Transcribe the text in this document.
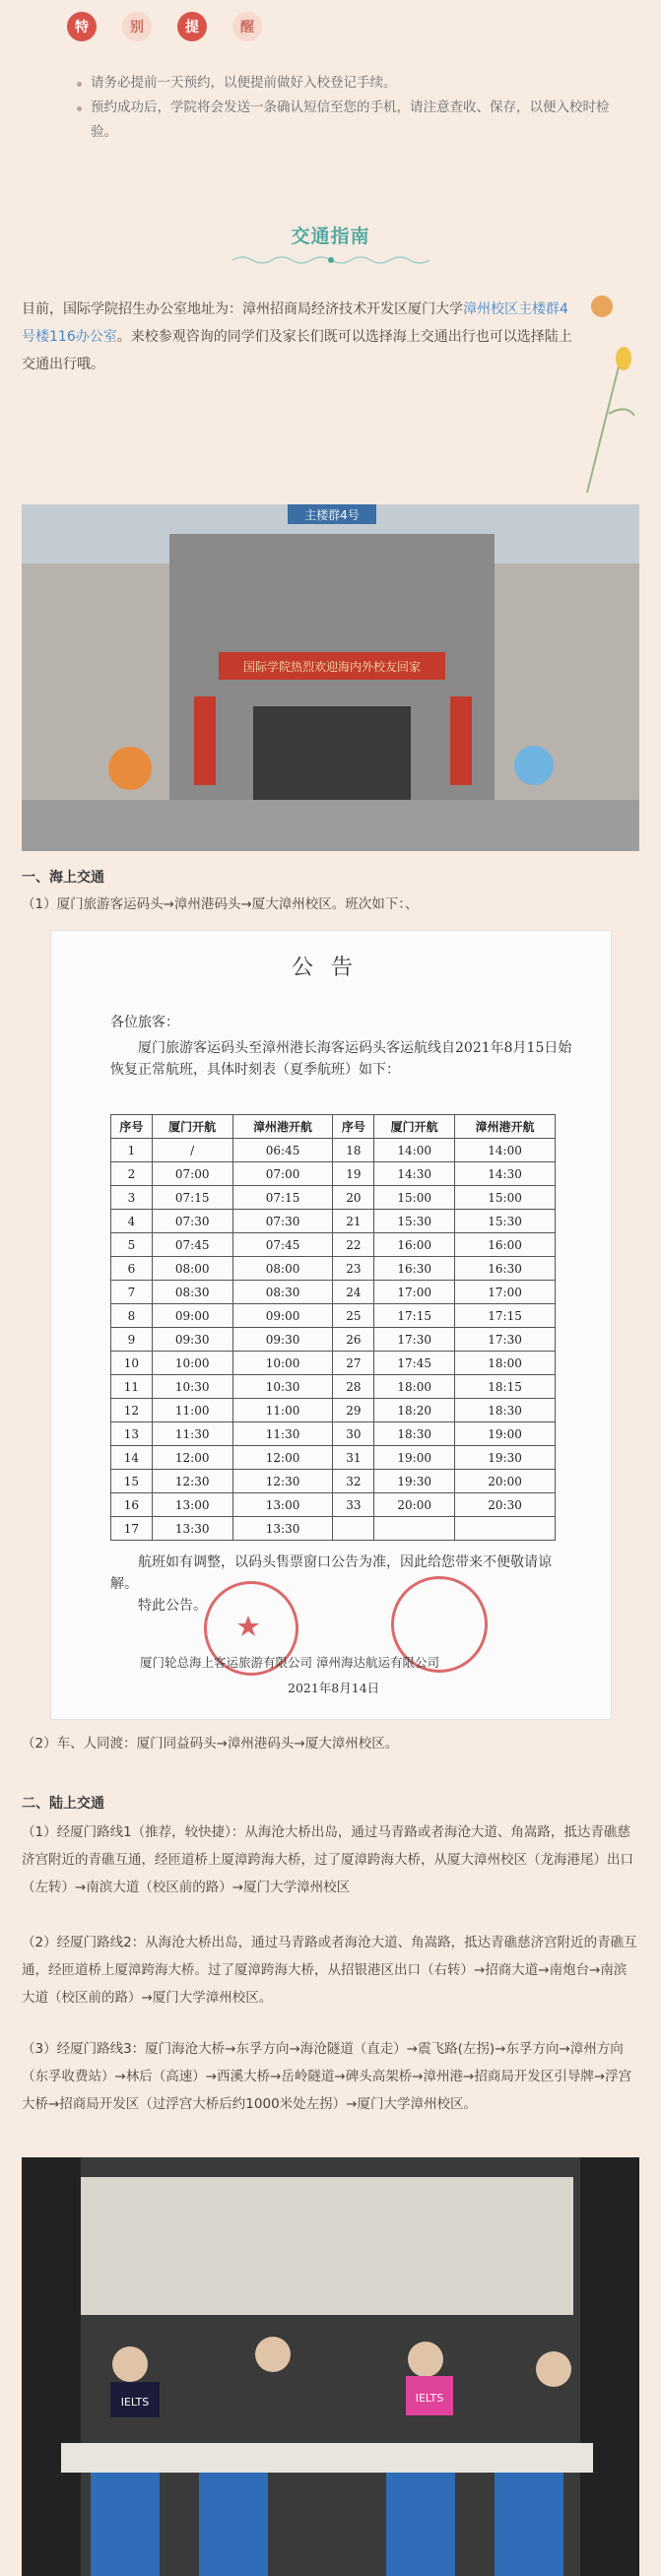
特	别	提	醒
请务必提前一天预约，以便提前做好入校登记手续。
预约成功后，学院将会发送一条确认短信至您的手机，请注意查收、保存，以便入校时检验。
交通指南
目前，国际学院招生办公室地址为：漳州招商局经济技术开发区厦门大学漳州校区主楼群4号楼116办公室。来校参观咨询的同学们及家长们既可以选择海上交通出行也可以选择陆上交通出行哦。
主楼群4号
国际学院热烈欢迎海内外校友回家
一、海上交通
（1）厦门旅游客运码头→漳州港码头→厦大漳州校区。班次如下：、
公告
各位旅客：
厦门旅游客运码头至漳州港长海客运码头客运航线自2021年8月15日始恢复正常航班，具体时刻表（夏季航班）如下：
序号	厦门开航	漳州港开航	序号	厦门开航	漳州港开航
1	/	06:45	18	14:00	14:00
2	07:00	07:00	19	14:30	14:30
3	07:15	07:15	20	15:00	15:00
4	07:30	07:30	21	15:30	15:30
5	07:45	07:45	22	16:00	16:00
6	08:00	08:00	23	16:30	16:30
7	08:30	08:30	24	17:00	17:00
8	09:00	09:00	25	17:15	17:15
9	09:30	09:30	26	17:30	17:30
10	10:00	10:00	27	17:45	18:00
11	10:30	10:30	28	18:00	18:15
12	11:00	11:00	29	18:20	18:30
13	11:30	11:30	30	18:30	19:00
14	12:00	12:00	31	19:00	19:30
15	12:30	12:30	32	19:30	20:00
16	13:00	13:00	33	20:00	20:30
17	13:30	13:30			
航班如有调整，以码头售票窗口公告为准，因此给您带来不便敬请谅解。
特此公告。
厦门轮总海上客运旅游有限公司 漳州海达航运有限公司
2021年8月14日
（2）车、人同渡：厦门同益码头→漳州港码头→厦大漳州校区。
二、陆上交通
（1）经厦门路线1（推荐，较快捷）：从海沧大桥出岛，通过马青路或者海沧大道、角嵩路，抵达青礁慈济宫附近的青礁互通，经匝道桥上厦漳跨海大桥，过了厦漳跨海大桥，从厦大漳州校区（龙海港尾）出口（左转）→南滨大道（校区前的路）→厦门大学漳州校区
（2）经厦门路线2：从海沧大桥出岛，通过马青路或者海沧大道、角嵩路，抵达青礁慈济宫附近的青礁互通，经匝道桥上厦漳跨海大桥。过了厦漳跨海大桥，从招银港区出口（右转）→招商大道→南炮台→南滨大道（校区前的路）→厦门大学漳州校区。
（3）经厦门路线3：厦门海沧大桥→东孚方向→海沧隧道（直走）→震飞路(左拐)→东孚方向→漳州方向（东孚收费站）→林后（高速）→西溪大桥→岳岭隧道→碑头高架桥→漳州港→招商局开发区引导牌→浮宫大桥→招商局开发区（过浮宫大桥后约1000米处左拐）→厦门大学漳州校区。
IELTS	IELTS
